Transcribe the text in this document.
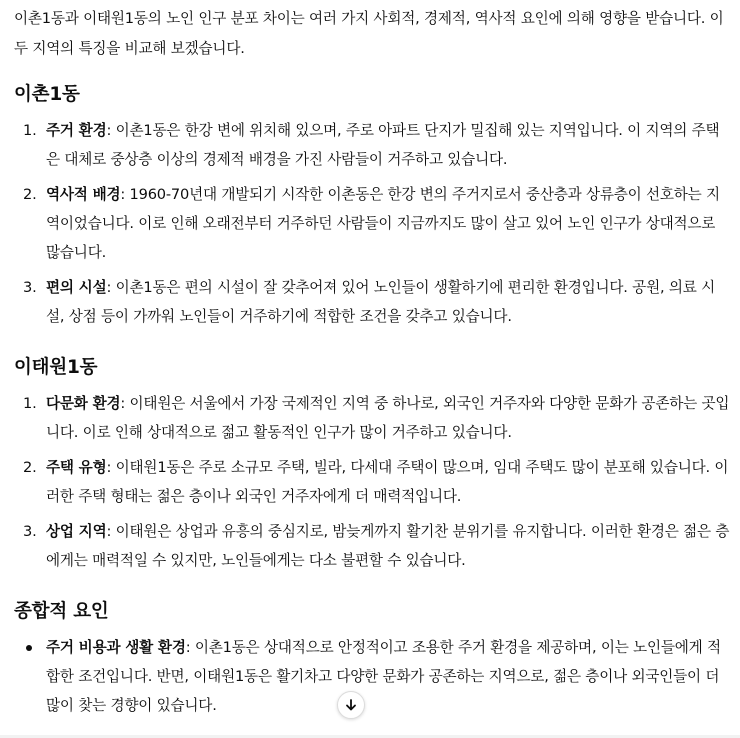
이촌1동과 이태원1동의 노인 인구 분포 차이는 여러 가지 사회적, 경제적, 역사적 요인에 의해 영향을 받습니다. 이 두 지역의 특징을 비교해 보겠습니다.

이촌1동
1. 주거 환경: 이촌1동은 한강 변에 위치해 있으며, 주로 아파트 단지가 밀집해 있는 지역입니다. 이 지역의 주택은 대체로 중상층 이상의 경제적 배경을 가진 사람들이 거주하고 있습니다.
2. 역사적 배경: 1960-70년대 개발되기 시작한 이촌동은 한강 변의 주거지로서 중산층과 상류층이 선호하는 지역이었습니다. 이로 인해 오래전부터 거주하던 사람들이 지금까지도 많이 살고 있어 노인 인구가 상대적으로 많습니다.
3. 편의 시설: 이촌1동은 편의 시설이 잘 갖추어져 있어 노인들이 생활하기에 편리한 환경입니다. 공원, 의료 시설, 상점 등이 가까워 노인들이 거주하기에 적합한 조건을 갖추고 있습니다.
이태원1동
1. 다문화 환경: 이태원은 서울에서 가장 국제적인 지역 중 하나로, 외국인 거주자와 다양한 문화가 공존하는 곳입니다. 이로 인해 상대적으로 젊고 활동적인 인구가 많이 거주하고 있습니다.
2. 주택 유형: 이태원1동은 주로 소규모 주택, 빌라, 다세대 주택이 많으며, 임대 주택도 많이 분포해 있습니다. 이러한 주택 형태는 젊은 층이나 외국인 거주자에게 더 매력적입니다.
3. 상업 지역: 이태원은 상업과 유흥의 중심지로, 밤늦게까지 활기찬 분위기를 유지합니다. 이러한 환경은 젊은 층에게는 매력적일 수 있지만, 노인들에게는 다소 불편할 수 있습니다.
종합적 요인
주거 비용과 생활 환경: 이촌1동은 상대적으로 안정적이고 조용한 주거 환경을 제공하며, 이는 노인들에게 적합한 조건입니다. 반면, 이태원1동은 활기차고 다양한 문화가 공존하는 지역으로, 젊은 층이나 외국인들이 더 많이 찾는 경향이 있습니다.
